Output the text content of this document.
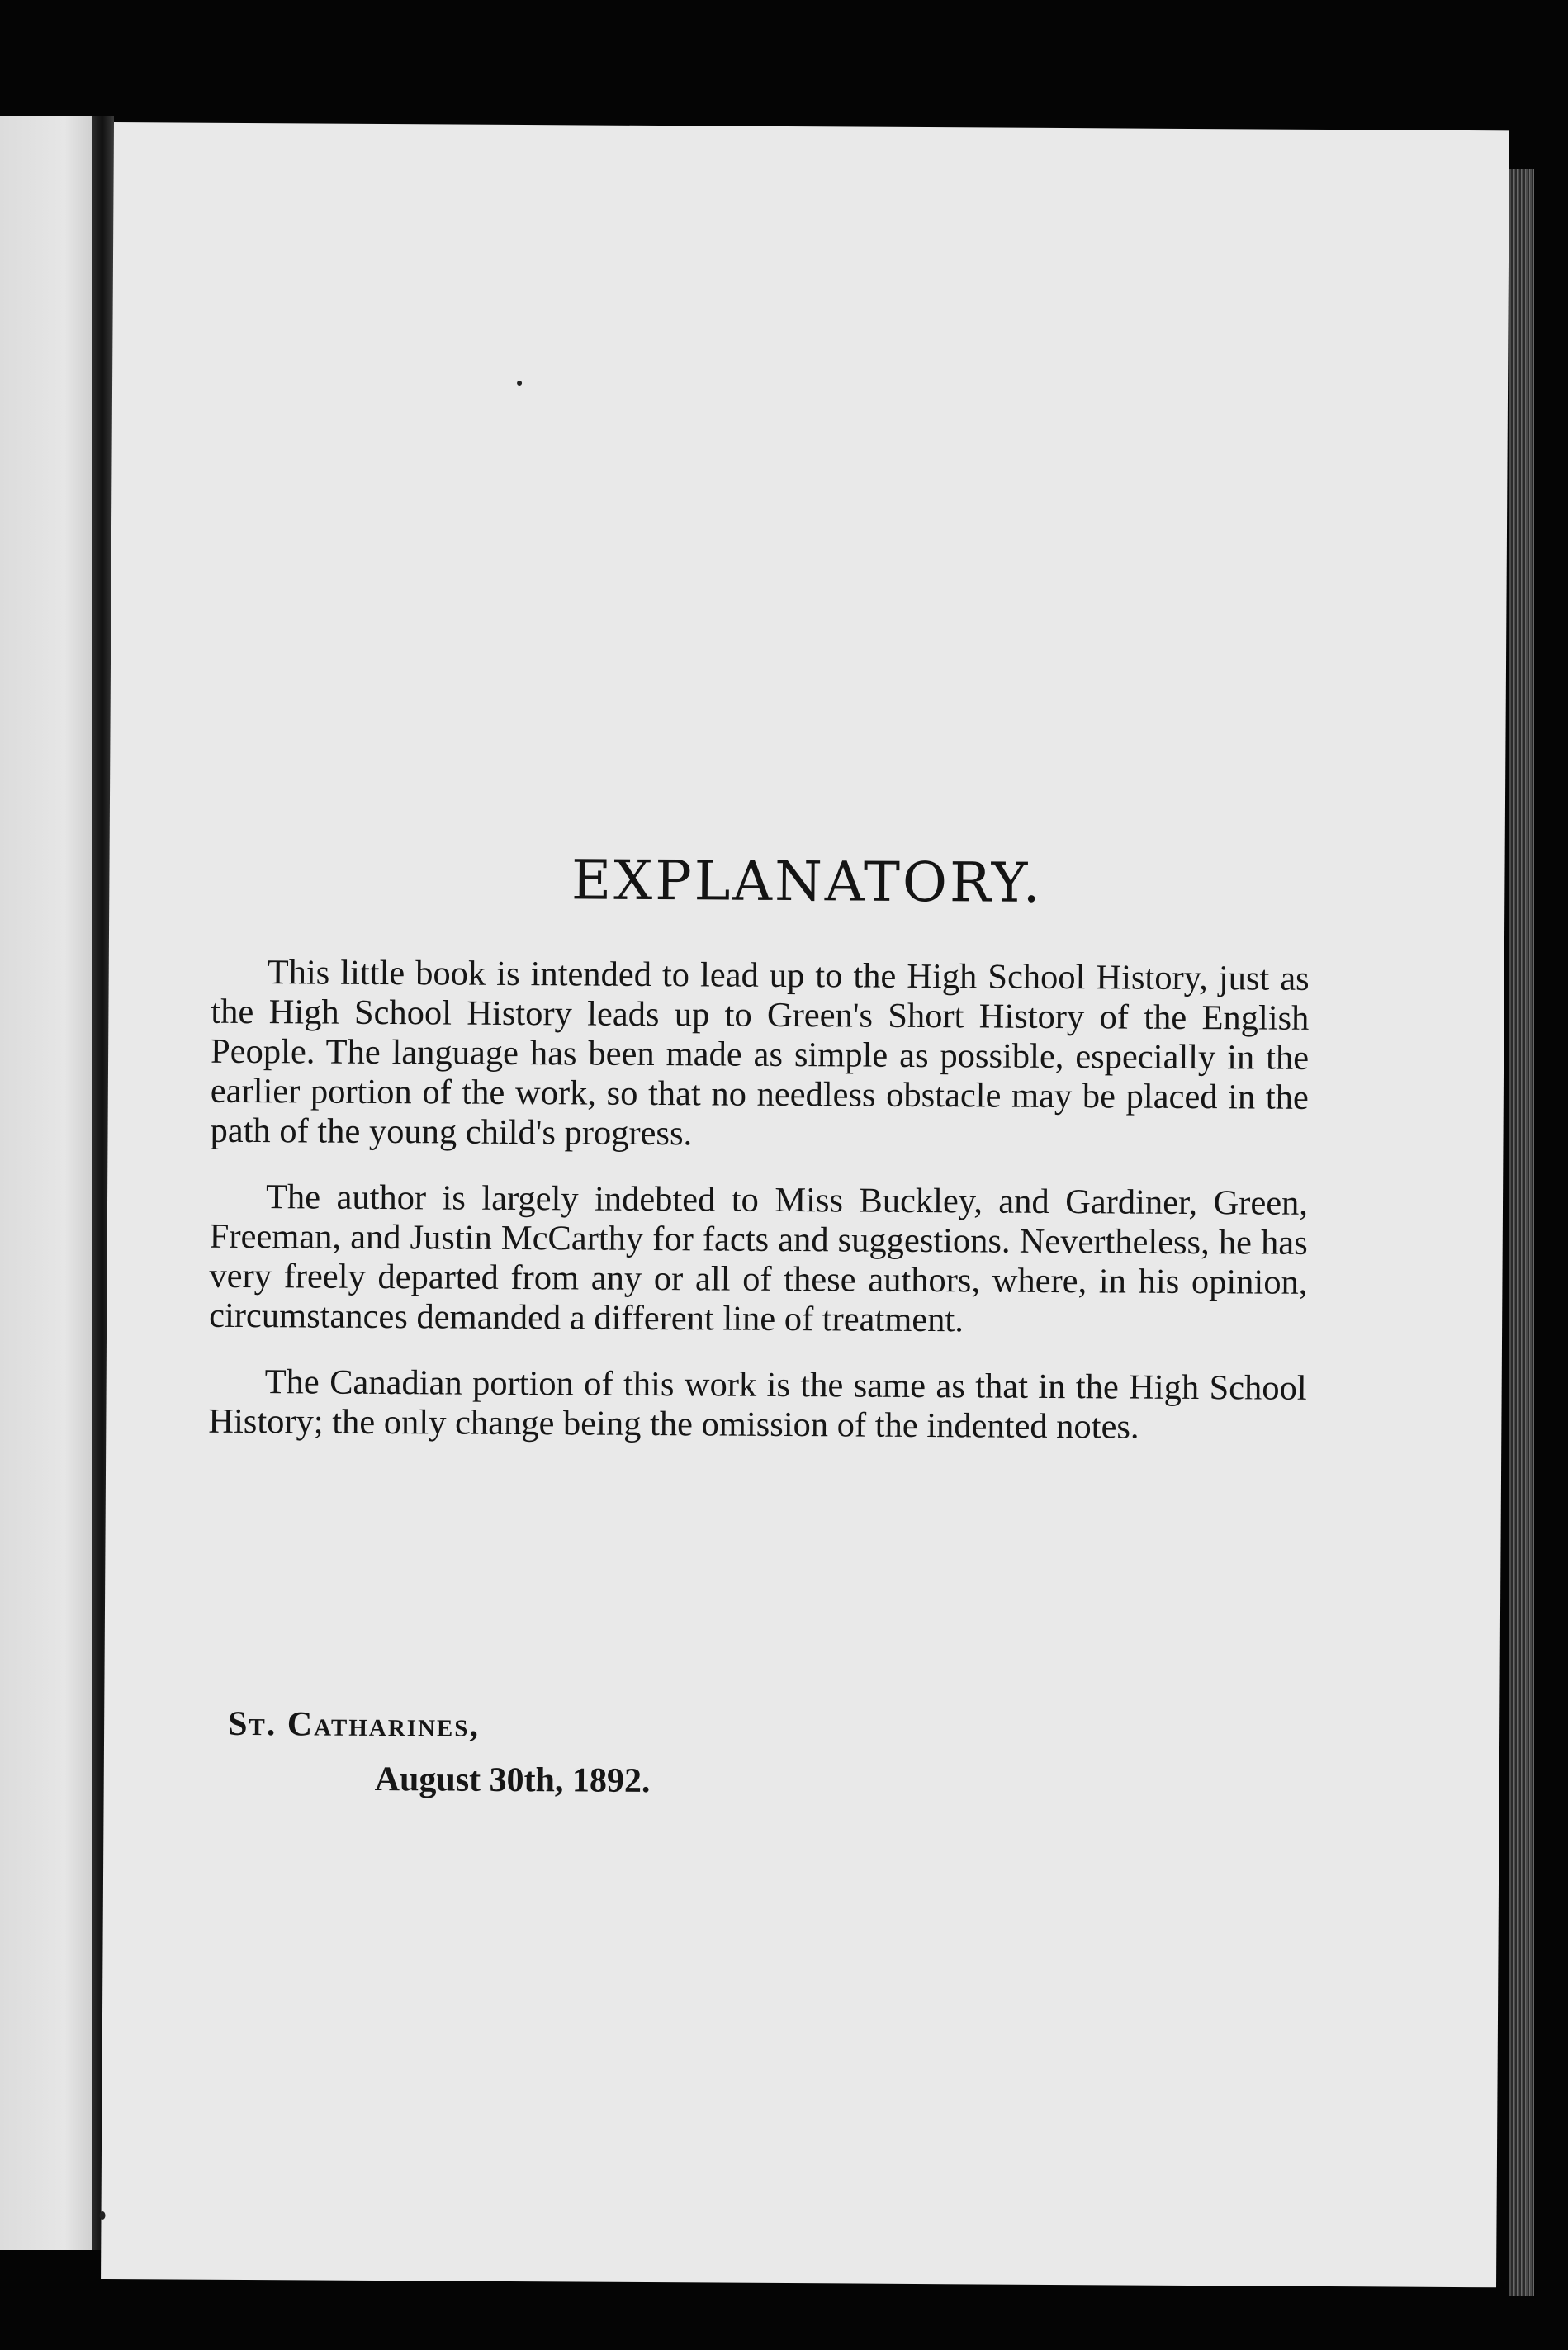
EXPLANATORY.

This little book is intended to lead up to the High School History, just as the High School History leads up to Green's Short History of the English People. The language has been made as simple as possible, especially in the earlier portion of the work, so that no needless obstacle may be placed in the path of the young child's progress.

The author is largely indebted to Miss Buckley, and Gardiner, Green, Freeman, and Justin McCarthy for facts and suggestions. Nevertheless, he has very freely departed from any or all of these authors, where, in his opinion, circumstances demanded a different line of treatment.

The Canadian portion of this work is the same as that in the High School History; the only change being the omission of the indented notes.

St. Catharines,
August 30th, 1892.
